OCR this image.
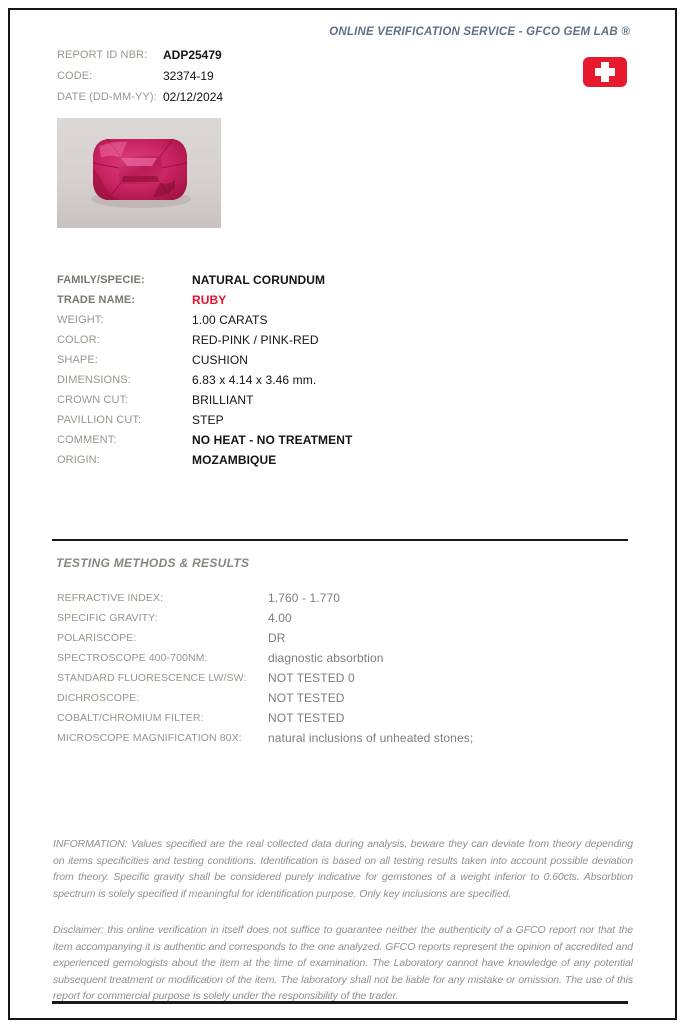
ONLINE VERIFICATION SERVICE - GFCO GEM LAB ®
REPORT ID NBR:	ADP25479
CODE:	32374-19
DATE (DD-MM-YY): 02/12/2024
FAMILY/SPECIE:	NATURAL CORUNDUM
TRADE NAME:	RUBY
WEIGHT:	1.00 CARATS
COLOR:	RED-PINK / PINK-RED
SHAPE:	CUSHION
DIMENSIONS:	6.83 x 4.14 x 3.46 mm.
CROWN CUT:	BRILLIANT
PAVILLION CUT:	STEP
COMMENT:	NO HEAT - NO TREATMENT
ORIGIN:	MOZAMBIQUE
TESTING METHODS & RESULTS
REFRACTIVE INDEX:	1.760 - 1.770
SPECIFIC GRAVITY:	4.00
POLARISCOPE:	DR
SPECTROSCOPE 400-700NM:	diagnostic absorbtion
STANDARD FLUORESCENCE LW/SW:	NOT TESTED 0
DICHROSCOPE:	NOT TESTED
COBALT/CHROMIUM FILTER:	NOT TESTED
MICROSCOPE MAGNIFICATION 80X:	natural inclusions of unheated stones;
INFORMATION: Values specified are the real collected data during analysis, beware they can deviate from theory depending on items specificities and testing conditions. Identification is based on all testing results taken into account possible deviation from theory. Specific gravity shall be considered purely indicative for gemstones of a weight inferior to 0.60cts. Absorbtion spectrum is solely specified if meaningful for identification purpose. Only key inclusions are specified.
Disclaimer: this online verification in itself does not suffice to guarantee neither the authenticity of a GFCO report nor that the item accompanying it is authentic and corresponds to the one analyzed. GFCO reports represent the opinion of accredited and experienced gemologists about the item at the time of examination. The Laboratory cannot have knowledge of any potential subsequent treatment or modification of the item. The laboratory shall not be liable for any mistake or omission. The use of this report for commercial purpose is solely under the responsibility of the trader.
